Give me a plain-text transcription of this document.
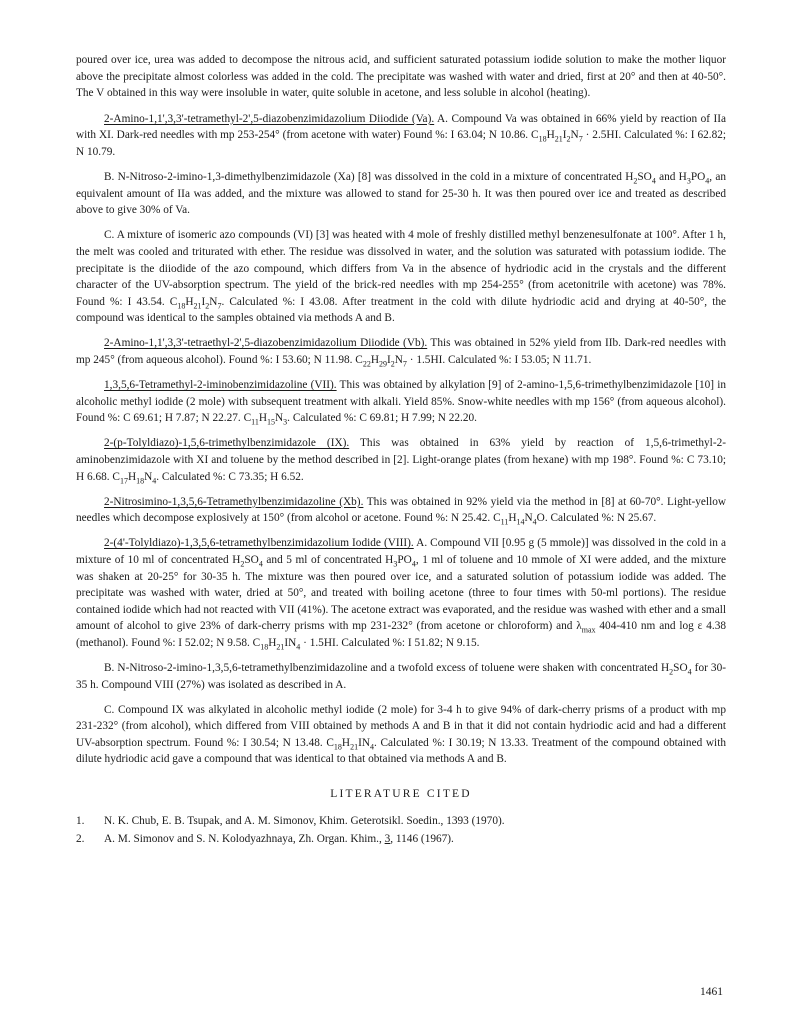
poured over ice, urea was added to decompose the nitrous acid, and sufficient saturated potassium iodide solution to make the mother liquor above the precipitate almost colorless was added in the cold. The precipitate was washed with water and dried, first at 20° and then at 40-50°. The V obtained in this way were insoluble in water, quite soluble in acetone, and less soluble in alcohol (heating).

2-Amino-1,1',3,3'-tetramethyl-2',5-diazobenzimidazolium Diiodide (Va). A. Compound Va was obtained in 66% yield by reaction of IIa with XI. Dark-red needles with mp 253-254° (from acetone with water) Found %: I 63.04; N 10.86. $C_{18}H_{21}I_2N_7 \cdot 2.5HI$. Calculated %: I 62.82; N 10.79.

B. N-Nitroso-2-imino-1,3-dimethylbenzimidazole (Xa) [8] was dissolved in the cold in a mixture of concentrated $H_2SO_4$ and $H_3PO_4$, an equivalent amount of IIa was added, and the mixture was allowed to stand for 25-30 h. It was then poured over ice and treated as described above to give 30% of Va.

C. A mixture of isomeric azo compounds (VI) [3] was heated with 4 mole of freshly distilled methyl benzenesulfonate at 100°. After 1 h, the melt was cooled and triturated with ether. The residue was dissolved in water, and the solution was saturated with potassium iodide. The precipitate is the diiodide of the azo compound, which differs from Va in the absence of hydriodic acid in the crystals and the different character of the UV-absorption spectrum. The yield of the brick-red needles with mp 254-255° (from acetonitrile with acetone) was 78%. Found %: I 43.54. $C_{18}H_{21}I_2N_7$. Calculated %: I 43.08. After treatment in the cold with dilute hydriodic acid and drying at 40-50°, the compound was identical to the samples obtained via methods A and B.

2-Amino-1,1',3,3'-tetraethyl-2',5-diazobenzimidazolium Diiodide (Vb). This was obtained in 52% yield from IIb. Dark-red needles with mp 245° (from aqueous alcohol). Found %: I 53.60; N 11.98. $C_{22}H_{29}I_2N_7 \cdot 1.5HI$. Calculated %: I 53.05; N 11.71.

1,3,5,6-Tetramethyl-2-iminobenzimidazoline (VII). This was obtained by alkylation [9] of 2-amino-1,5,6-trimethylbenzimidazole [10] in alcoholic methyl iodide (2 mole) with subsequent treatment with alkali. Yield 85%. Snow-white needles with mp 156° (from aqueous alcohol). Found %: C 69.61; H 7.87; N 22.27. $C_{11}H_{15}N_3$. Calculated %: C 69.81; H 7.99; N 22.20.

2-(p-Tolyldiazo)-1,5,6-trimethylbenzimidazole (IX). This was obtained in 63% yield by reaction of 1,5,6-trimethyl-2-aminobenzimidazole with XI and toluene by the method described in [2]. Light-orange plates (from hexane) with mp 198°. Found %: C 73.10; H 6.68. $C_{17}H_{18}N_4$. Calculated %: C 73.35; H 6.52.

2-Nitrosimino-1,3,5,6-Tetramethylbenzimidazoline (Xb). This was obtained in 92% yield via the method in [8] at 60-70°. Light-yellow needles which decompose explosively at 150° (from alcohol or acetone. Found %: N 25.42. $C_{11}H_{14}N_4O$. Calculated %: N 25.67.

2-(4'-Tolyldiazo)-1,3,5,6-tetramethylbenzimidazolium Iodide (VIII). A. Compound VII [0.95 g (5 mmole)] was dissolved in the cold in a mixture of 10 ml of concentrated $H_2SO_4$ and 5 ml of concentrated $H_3PO_4$, 1 ml of toluene and 10 mmole of XI were added, and the mixture was shaken at 20-25° for 30-35 h. The mixture was then poured over ice, and a saturated solution of potassium iodide was added. The precipitate was washed with water, dried at 50°, and treated with boiling acetone (three to four times with 50-ml portions). The residue contained iodide which had not reacted with VII (41%). The acetone extract was evaporated, and the residue was washed with ether and a small amount of alcohol to give 23% of dark-cherry prisms with mp 231-232° (from acetone or chloroform) and $\lambda_{max}$ 404-410 nm and log ε 4.38 (methanol). Found %: I 52.02; N 9.58. $C_{18}H_{21}IN_4 \cdot 1.5HI$. Calculated %: I 51.82; N 9.15.

B. N-Nitroso-2-imino-1,3,5,6-tetramethylbenzimidazoline and a twofold excess of toluene were shaken with concentrated $H_2SO_4$ for 30-35 h. Compound VIII (27%) was isolated as described in A.

C. Compound IX was alkylated in alcoholic methyl iodide (2 mole) for 3-4 h to give 94% of dark-cherry prisms of a product with mp 231-232° (from alcohol), which differed from VIII obtained by methods A and B in that it did not contain hydriodic acid and had a different UV-absorption spectrum. Found %: I 30.54; N 13.48. $C_{18}H_{21}IN_4$. Calculated %: I 30.19; N 13.33. Treatment of the compound obtained with dilute hydriodic acid gave a compound that was identical to that obtained via methods A and B.

LITERATURE CITED
1.	N. K. Chub, E. B. Tsupak, and A. M. Simonov, Khim. Geterotsikl. Soedin., 1393 (1970).
2.	A. M. Simonov and S. N. Kolodyazhnaya, Zh. Organ. Khim., 3, 1146 (1967).
1461
